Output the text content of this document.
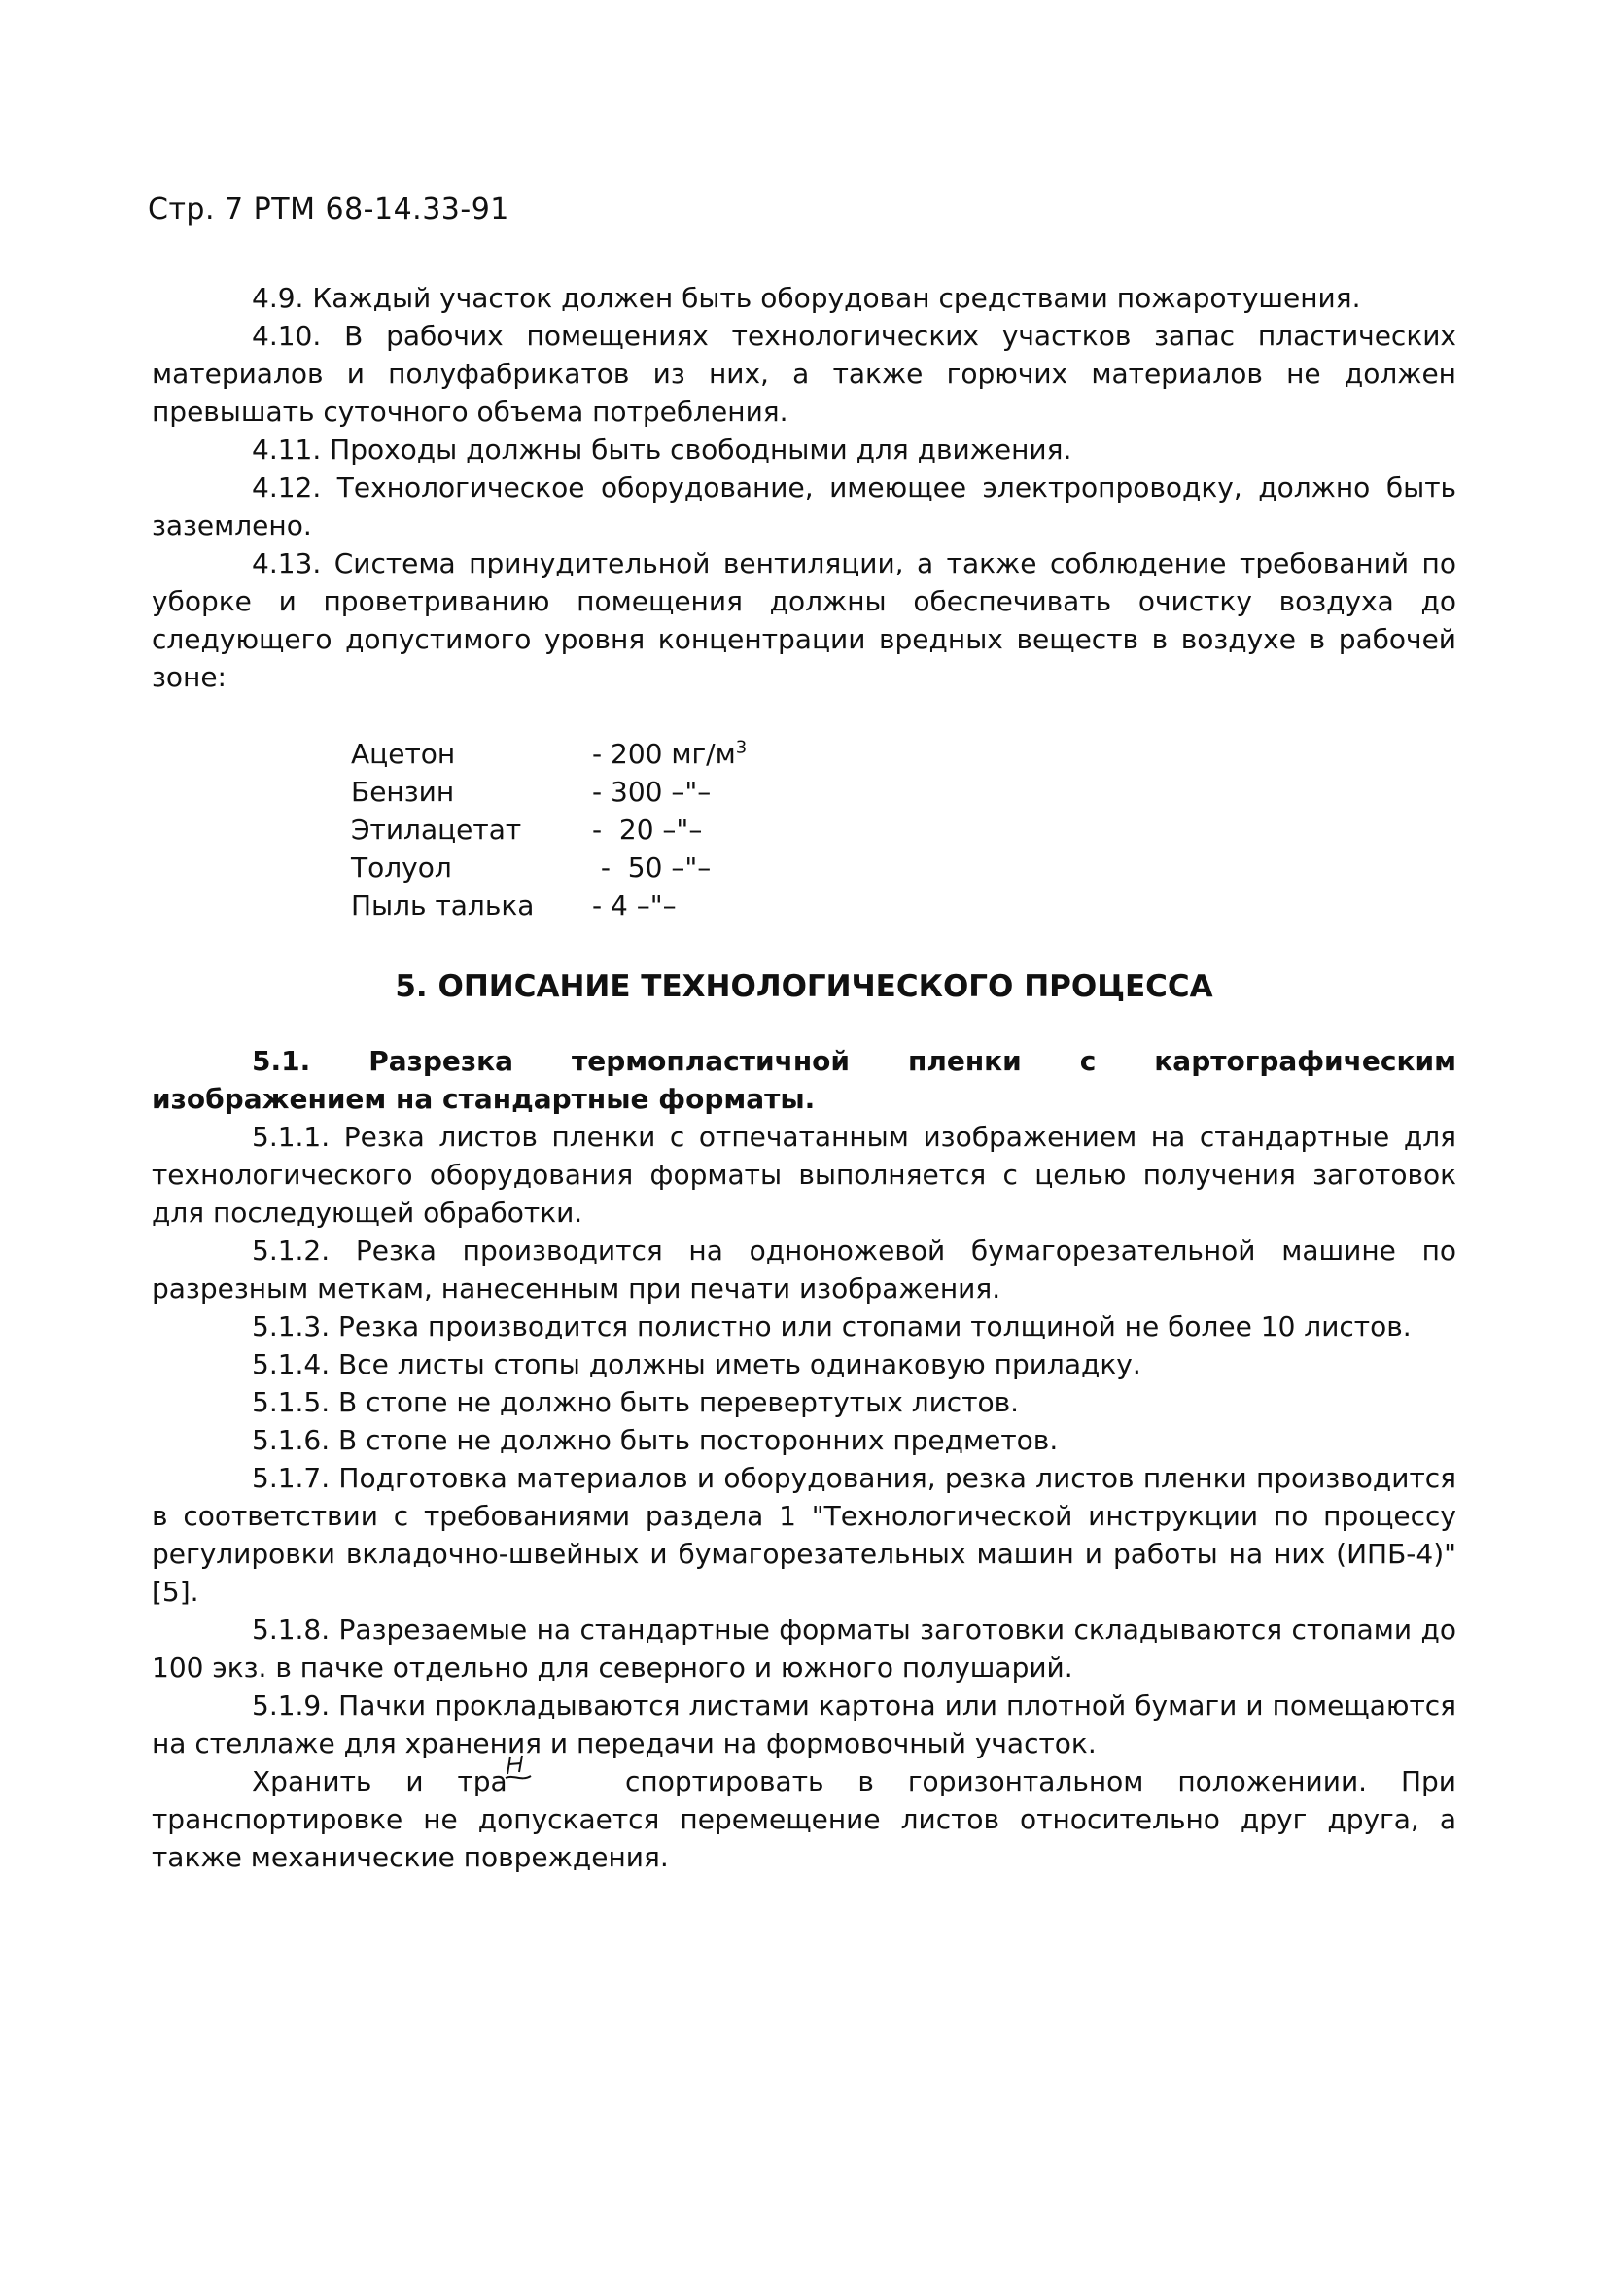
Стр. 7 РТМ 68-14.33-91

4.9. Каждый участок должен быть оборудован средствами пожаротушения.

4.10. В рабочих помещениях технологических участков запас пластических материалов и полуфабрикатов из них, а также горючих материалов не должен превышать суточного объема потребления.

4.11. Проходы должны быть свободными для движения.

4.12. Технологическое оборудование, имеющее электропроводку, должно быть заземлено.

4.13. Система принудительной вентиляции, а также соблюдение требований по уборке и проветриванию помещения должны обеспечивать очистку воздуха до следующего допустимого уровня концентрации вредных веществ в воздухе в рабочей зоне:

Ацетон	- 200 $мг/м^3$
Бензин	- 300 –"–
Этилацетат	-  20 –"–
Толуол	-  50 –"–
Пыль талька	- 4 –"–
5. ОПИСАНИЕ ТЕХНОЛОГИЧЕСКОГО ПРОЦЕССА

5.1. Разрезка термопластичной пленки с картографическим изображением на стандартные форматы.

5.1.1. Резка листов пленки с отпечатанным изображением на стандартные для технологического оборудования форматы выполняется с целью получения заготовок для последующей обработки.

5.1.2. Резка производится на одноножевой бумагорезательной машине по разрезным меткам, нанесенным при печати изображения.

5.1.3. Резка производится полистно или стопами толщиной не более 10 листов.

5.1.4. Все листы стопы должны иметь одинаковую приладку.

5.1.5. В стопе не должно быть перевертутых листов.

5.1.6. В стопе не должно быть посторонних предметов.

5.1.7. Подготовка материалов и оборудования, резка листов пленки производится в соответствии с требованиями раздела 1 "Технологической инструкции по процессу регулировки вкладочно-швейных и бумагорезательных машин и работы на них (ИПБ-4)" [5].

5.1.8. Разрезаемые на стандартные форматы заготовки складываются стопами до 100 экз. в пачке отдельно для северного и южного полушарий.

5.1.9. Пачки прокладываются листами картона или плотной бумаги и помещаются на стеллаже для хранения и передачи на формовочный участок.

Хранить и тра	спортировать в горизонтальном положениии. При транспортировке не допускается перемещение листов относительно друг друга, а также механические повреждения.
